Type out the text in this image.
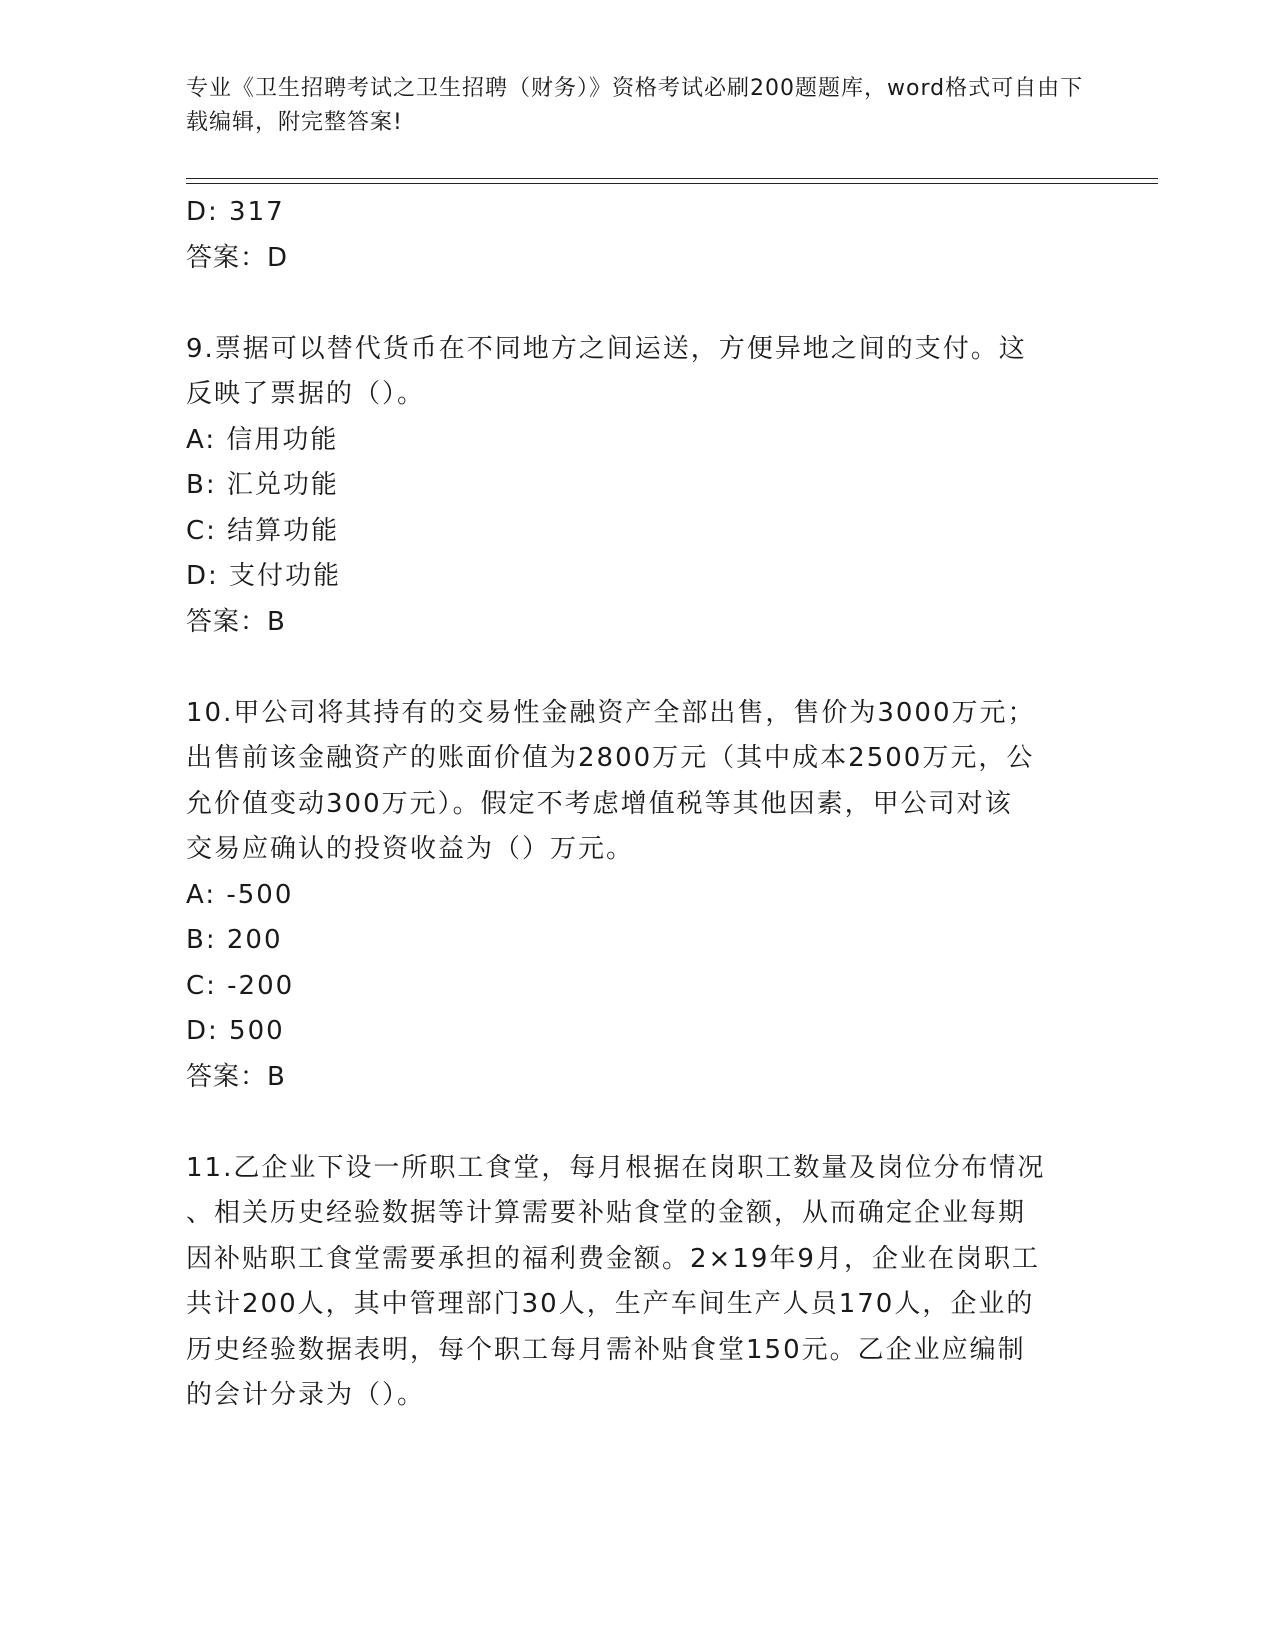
专业《卫生招聘考试之卫生招聘（财务）》资格考试必刷200题题库，word格式可自由下载编辑，附完整答案!
D: 317
答案：D
9.票据可以替代货币在不同地方之间运送，方便异地之间的支付。这
反映了票据的（）。
A: 信用功能
B: 汇兑功能
C: 结算功能
D: 支付功能
答案：B
10.甲公司将其持有的交易性金融资产全部出售，售价为3000万元；
出售前该金融资产的账面价值为2800万元（其中成本2500万元，公
允价值变动300万元）。假定不考虑增值税等其他因素，甲公司对该
交易应确认的投资收益为（）万元。
A: -500
B: 200
C: -200
D: 500
答案：B
11.乙企业下设一所职工食堂，每月根据在岗职工数量及岗位分布情况
、相关历史经验数据等计算需要补贴食堂的金额，从而确定企业每期
因补贴职工食堂需要承担的福利费金额。2×19年9月，企业在岗职工
共计200人，其中管理部门30人，生产车间生产人员170人，企业的
历史经验数据表明，每个职工每月需补贴食堂150元。乙企业应编制
的会计分录为（）。
